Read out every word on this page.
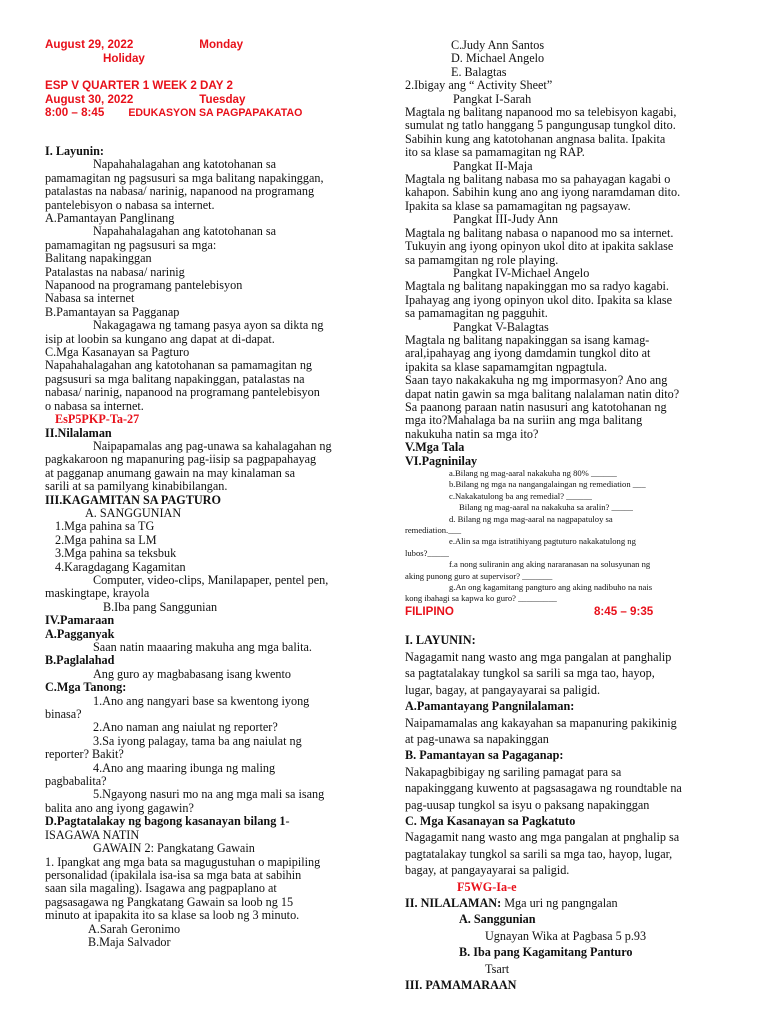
August 29, 2022	Monday
Holiday
ESP V QUARTER 1 WEEK 2 DAY 2
August 30, 2022	Tuesday
8:00 – 8:45 EDUKASYON SA PAGPAPAKATAO
I. Layunin:
Napahahalagahan ang katotohanan sa
pamamagitan ng pagsusuri sa mga balitang napakinggan,
patalastas na nabasa/ narinig, napanood na programang
pantelebisyon o nabasa sa internet.
A.Pamantayan Panglinang
Napahahalagahan ang katotohanan sa
pamamagitan ng pagsusuri sa mga:
Balitang napakinggan
Patalastas na nabasa/ narinig
Napanood na programang pantelebisyon
Nabasa sa internet
B.Pamantayan sa Pagganap
Nakagagawa ng tamang pasya ayon sa dikta ng
isip at loobin sa kungano ang dapat at di-dapat.
C.Mga Kasanayan sa Pagturo
Napahahalagahan ang katotohanan sa pamamagitan ng
pagsusuri sa mga balitang napakinggan, patalastas na
nabasa/ narinig, napanood na programang pantelebisyon
o nabasa sa internet.
EsP5PKP-Ta-27
II.Nilalaman
Naipapamalas ang pag-unawa sa kahalagahan ng
pagkakaroon ng mapanuring pag-iisip sa pagpapahayag
at pagganap anumang gawain na may kinalaman sa
sarili at sa pamilyang kinabibilangan.
III.KAGAMITAN SA PAGTURO
A. SANGGUNIAN
1.Mga pahina sa TG
2.Mga pahina sa LM
3.Mga pahina sa teksbuk
4.Karagdagang Kagamitan
Computer, video-clips, Manilapaper, pentel pen,
maskingtape, krayola
B.Iba pang Sanggunian
IV.Pamaraan
A.Pagganyak
Saan natin maaaring makuha ang mga balita.
B.Paglalahad
Ang guro ay magbabasang isang kwento
C.Mga Tanong:
1.Ano ang nangyari base sa kwentong iyong
binasa?
2.Ano naman ang naiulat ng reporter?
3.Sa iyong palagay, tama ba ang naiulat ng
reporter? Bakit?
4.Ano ang maaring ibunga ng maling
pagbabalita?
5.Ngayong nasuri mo na ang mga mali sa isang
balita ano ang iyong gagawin?
D.Pagtatalakay ng bagong kasanayan bilang 1-
ISAGAWA NATIN
GAWAIN 2: Pangkatang Gawain
1. Ipangkat ang mga bata sa magugustuhan o mapipiling
personalidad (ipakilala isa-isa sa mga bata at sabihin
saan sila magaling). Isagawa ang pagpaplano at
pagsasagawa ng Pangkatang Gawain sa loob ng 15
minuto at ipapakita ito sa klase sa loob ng 3 minuto.
A.Sarah Geronimo
B.Maja Salvador
C.Judy Ann Santos
D. Michael Angelo
E. Balagtas
2.Ibigay ang “ Activity Sheet”
Pangkat I-Sarah
Magtala ng balitang napanood mo sa telebisyon kagabi,
sumulat ng tatlo hanggang 5 pangungusap tungkol dito.
Sabihin kung ang katotohanan angnasa balita. Ipakita
ito sa klase sa pamamagitan ng RAP.
Pangkat II-Maja
Magtala ng balitang nabasa mo sa pahayagan kagabi o
kahapon. Sabihin kung ano ang iyong naramdaman dito.
Ipakita sa klase sa pamamagitan ng pagsayaw.
Pangkat III-Judy Ann
Magtala ng balitang nabasa o napanood mo sa internet.
Tukuyin ang iyong opinyon ukol dito at ipakita saklase
sa pamamgitan ng role playing.
Pangkat IV-Michael Angelo
Magtala ng balitang napakinggan mo sa radyo kagabi.
Ipahayag ang iyong opinyon ukol dito. Ipakita sa klase
sa pamamagitan ng pagguhit.
Pangkat V-Balagtas
Magtala ng balitang napakinggan sa isang kamag-
aral,ipahayag ang iyong damdamin tungkol dito at
ipakita sa klase sapamamgitan ngpagtula.
Saan tayo nakakakuha ng mg impormasyon? Ano ang
dapat natin gawin sa mga balitang nalalaman natin dito?
Sa paanong paraan natin nasusuri ang katotohanan ng
mga ito?Mahalaga ba na suriin ang mga balitang
nakukuha natin sa mga ito?
V.Mga Tala
VI.Pagninilay
a.Bilang ng mag-aaral nakakuha ng 80% ______
b.Bilang ng mga na nangangalaingan ng remediation ___
c.Nakakatulong ba ang remedial? ______
Bilang ng mag-aaral na nakakuha sa aralin? _____
d. Bilang ng mga mag-aaral na nagpapatuloy sa
remediation.___
e.Alin sa mga istratihiyang pagtuturo nakakatulong ng
lubos?_____
f.a nong suliranin ang aking nararanasan na solusyunan ng
aking punong guro at supervisor? _______
g.An ong kagamitang pangturo ang aking nadibuho na nais
kong ibahagi sa kapwa ko guro? _________
FILIPINO	8:45 – 9:35
I. LAYUNIN:
Nagagamit nang wasto ang mga pangalan at panghalip
sa pagtatalakay tungkol sa sarili sa mga tao, hayop,
lugar, bagay, at pangayayarai sa paligid.
A.Pamantayang Pangnilalaman:
Naipamamalas ang kakayahan sa mapanuring pakikinig
at pag-unawa sa napakinggan
B. Pamantayan sa Pagaganap:
Nakapagbibigay ng sariling pamagat para sa
napakinggang kuwento at pagsasagawa ng roundtable na
pag-uusap tungkol sa isyu o paksang napakinggan
C. Mga Kasanayan sa Pagkatuto
Nagagamit nang wasto ang mga pangalan at pnghalip sa
pagtatalakay tungkol sa sarili sa mga tao, hayop, lugar,
bagay, at pangayayarai sa paligid.
F5WG-Ia-e
II. NILALAMAN: Mga uri ng pangngalan
A. Sanggunian
Ugnayan Wika at Pagbasa 5 p.93
B. Iba pang Kagamitang Panturo
Tsart
III. PAMAMARAAN
